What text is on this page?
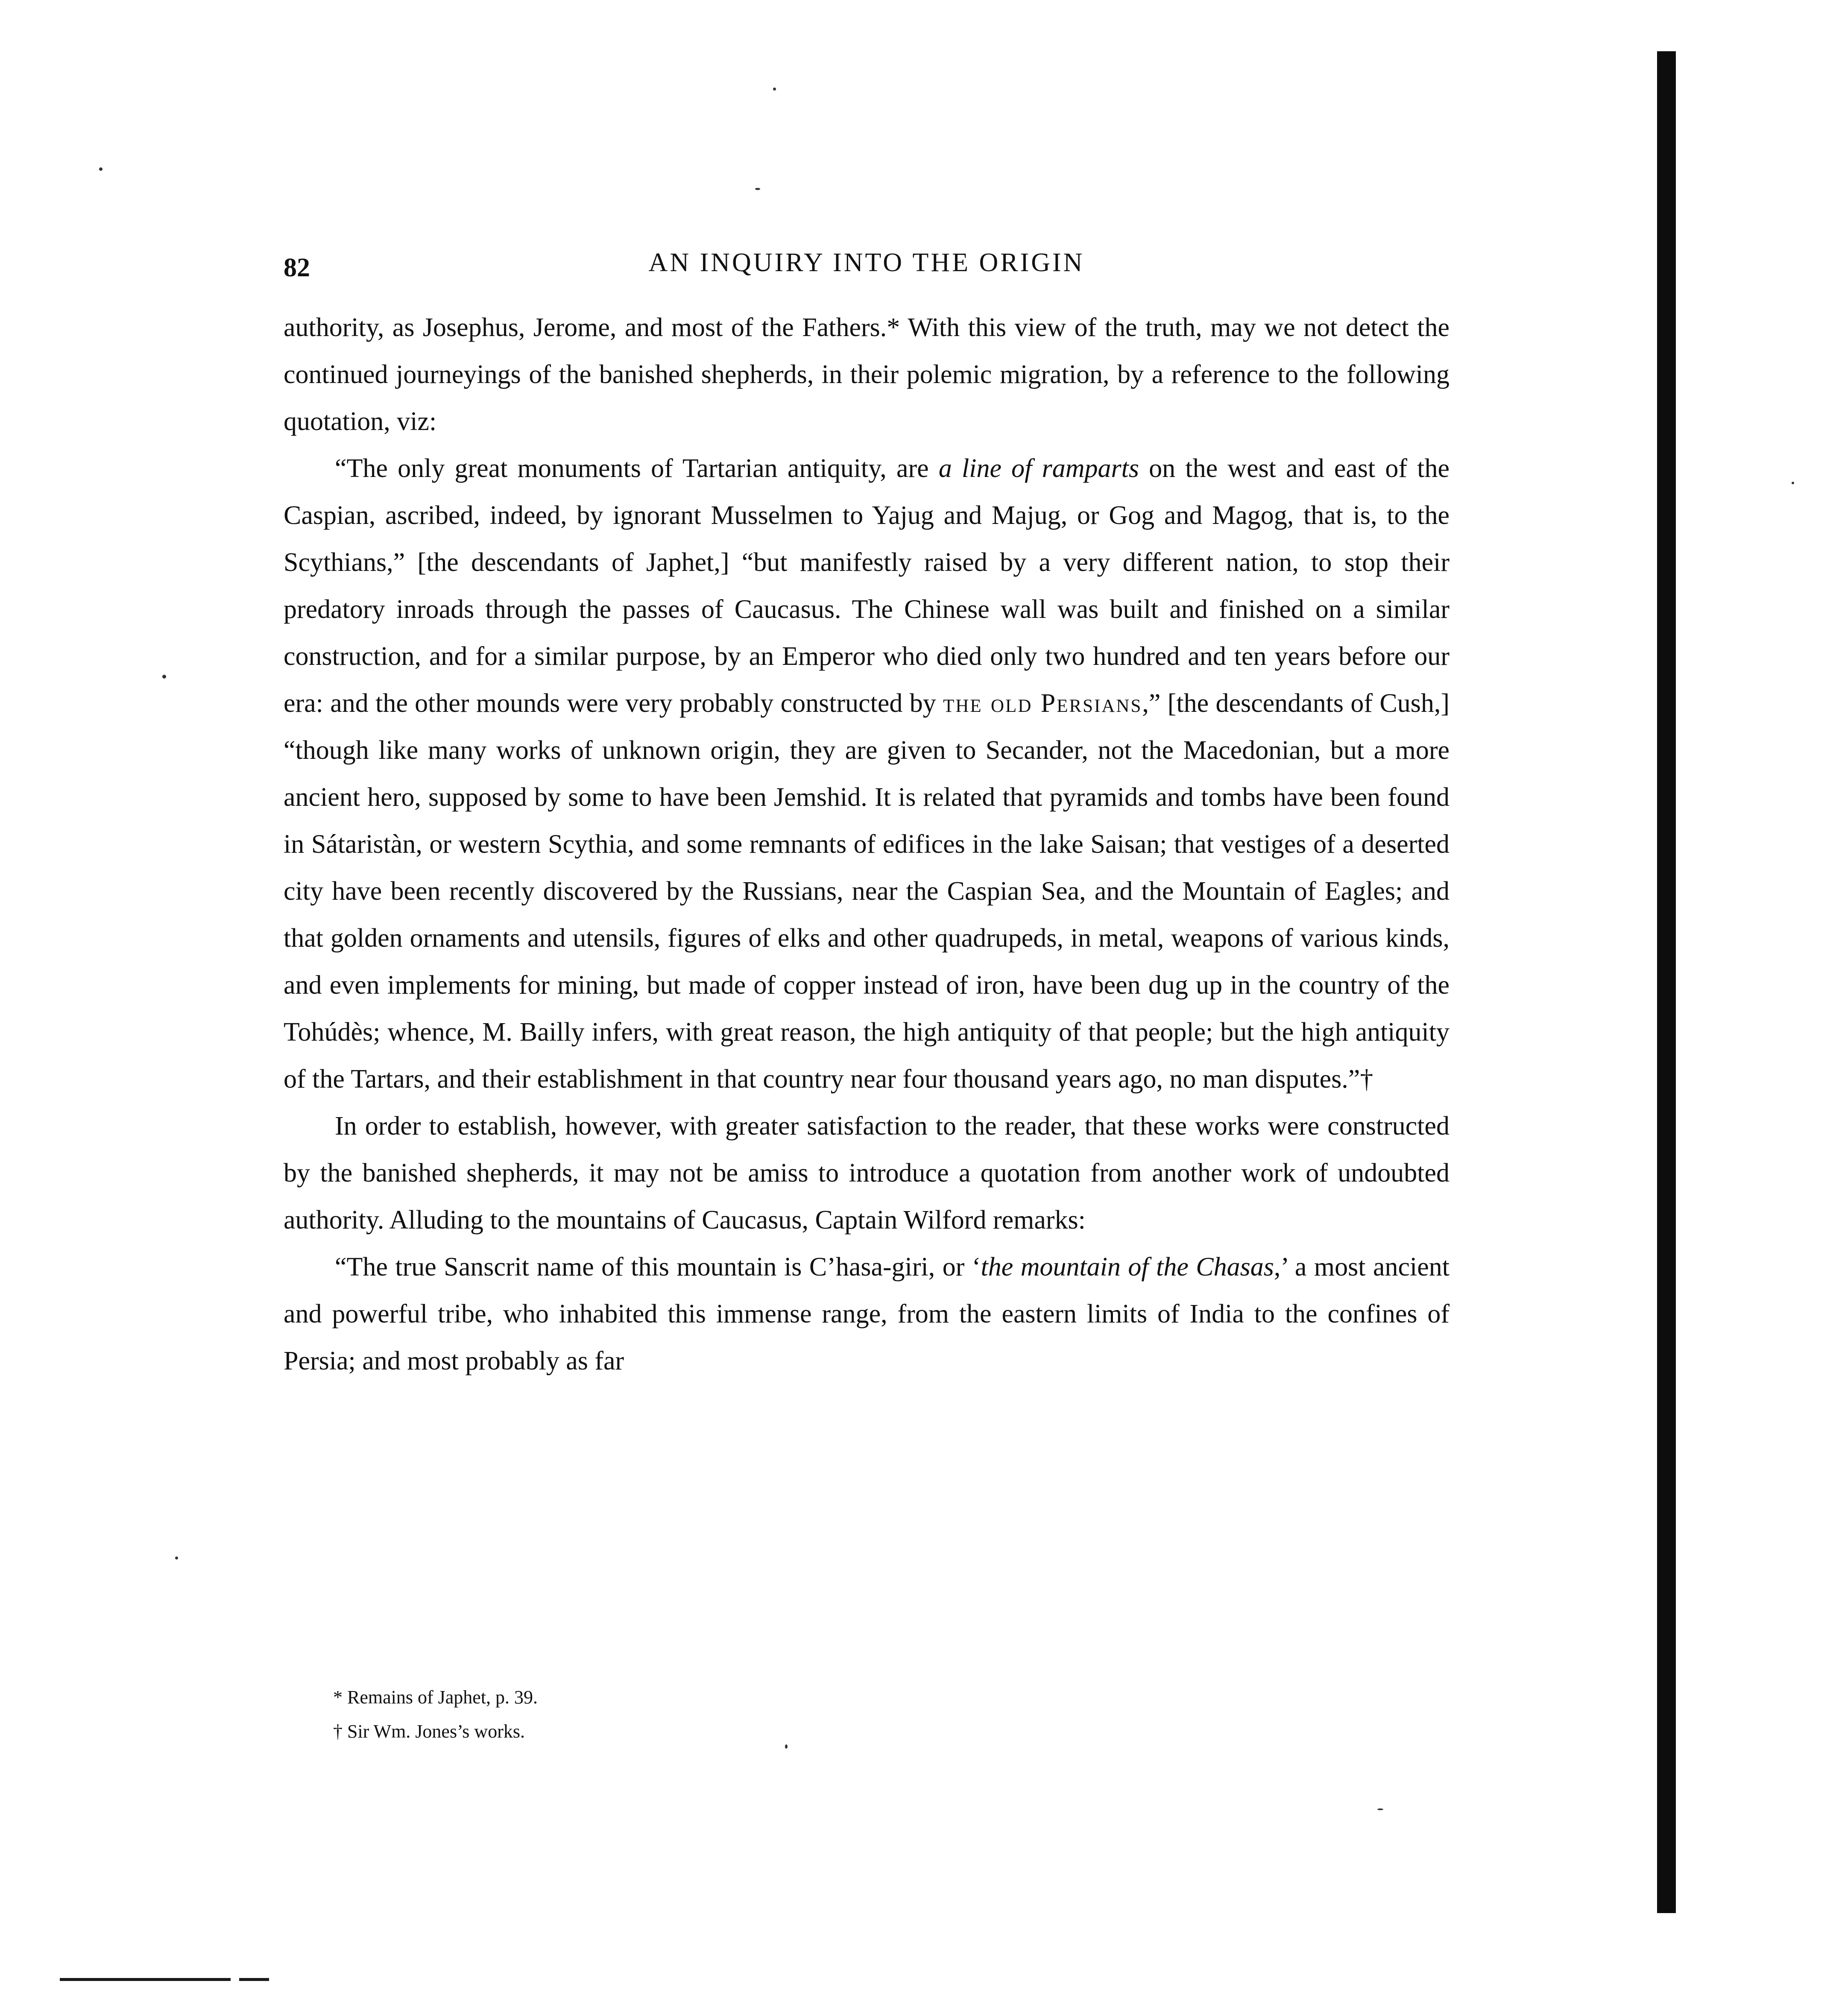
82	AN INQUIRY INTO THE ORIGIN

authority, as Josephus, Jerome, and most of the Fathers.* With this view of the truth, may we not detect the continued journeyings of the banished shepherds, in their polemic migration, by a reference to the following quotation, viz:

“The only great monuments of Tartarian antiquity, are a line of ramparts on the west and east of the Caspian, ascribed, indeed, by ignorant Musselmen to Yajug and Majug, or Gog and Magog, that is, to the Scythians,” [the descendants of Japhet,] “but manifestly raised by a very different nation, to stop their predatory inroads through the passes of Caucasus. The Chinese wall was built and finished on a similar construction, and for a similar purpose, by an Emperor who died only two hundred and ten years before our era: and the other mounds were very probably constructed by the old Persians,” [the descendants of Cush,] “though like many works of unknown origin, they are given to Secander, not the Macedonian, but a more ancient hero, supposed by some to have been Jemshid. It is related that pyramids and tombs have been found in Sátaristàn, or western Scythia, and some remnants of edifices in the lake Saisan; that vestiges of a deserted city have been recently discovered by the Russians, near the Caspian Sea, and the Mountain of Eagles; and that golden ornaments and utensils, figures of elks and other quadrupeds, in metal, weapons of various kinds, and even implements for mining, but made of copper instead of iron, have been dug up in the country of the Tohúdès; whence, M. Bailly infers, with great reason, the high antiquity of that people; but the high antiquity of the Tartars, and their establishment in that country near four thousand years ago, no man disputes.”†

In order to establish, however, with greater satisfaction to the reader, that these works were constructed by the banished shepherds, it may not be amiss to introduce a quotation from another work of undoubted authority. Alluding to the mountains of Caucasus, Captain Wilford remarks:

“The true Sanscrit name of this mountain is C’hasa-giri, or ‘the mountain of the Chasas,’ a most ancient and powerful tribe, who inhabited this immense range, from the eastern limits of India to the confines of Persia; and most probably as far

* Remains of Japhet, p. 39.
† Sir Wm. Jones’s works.
